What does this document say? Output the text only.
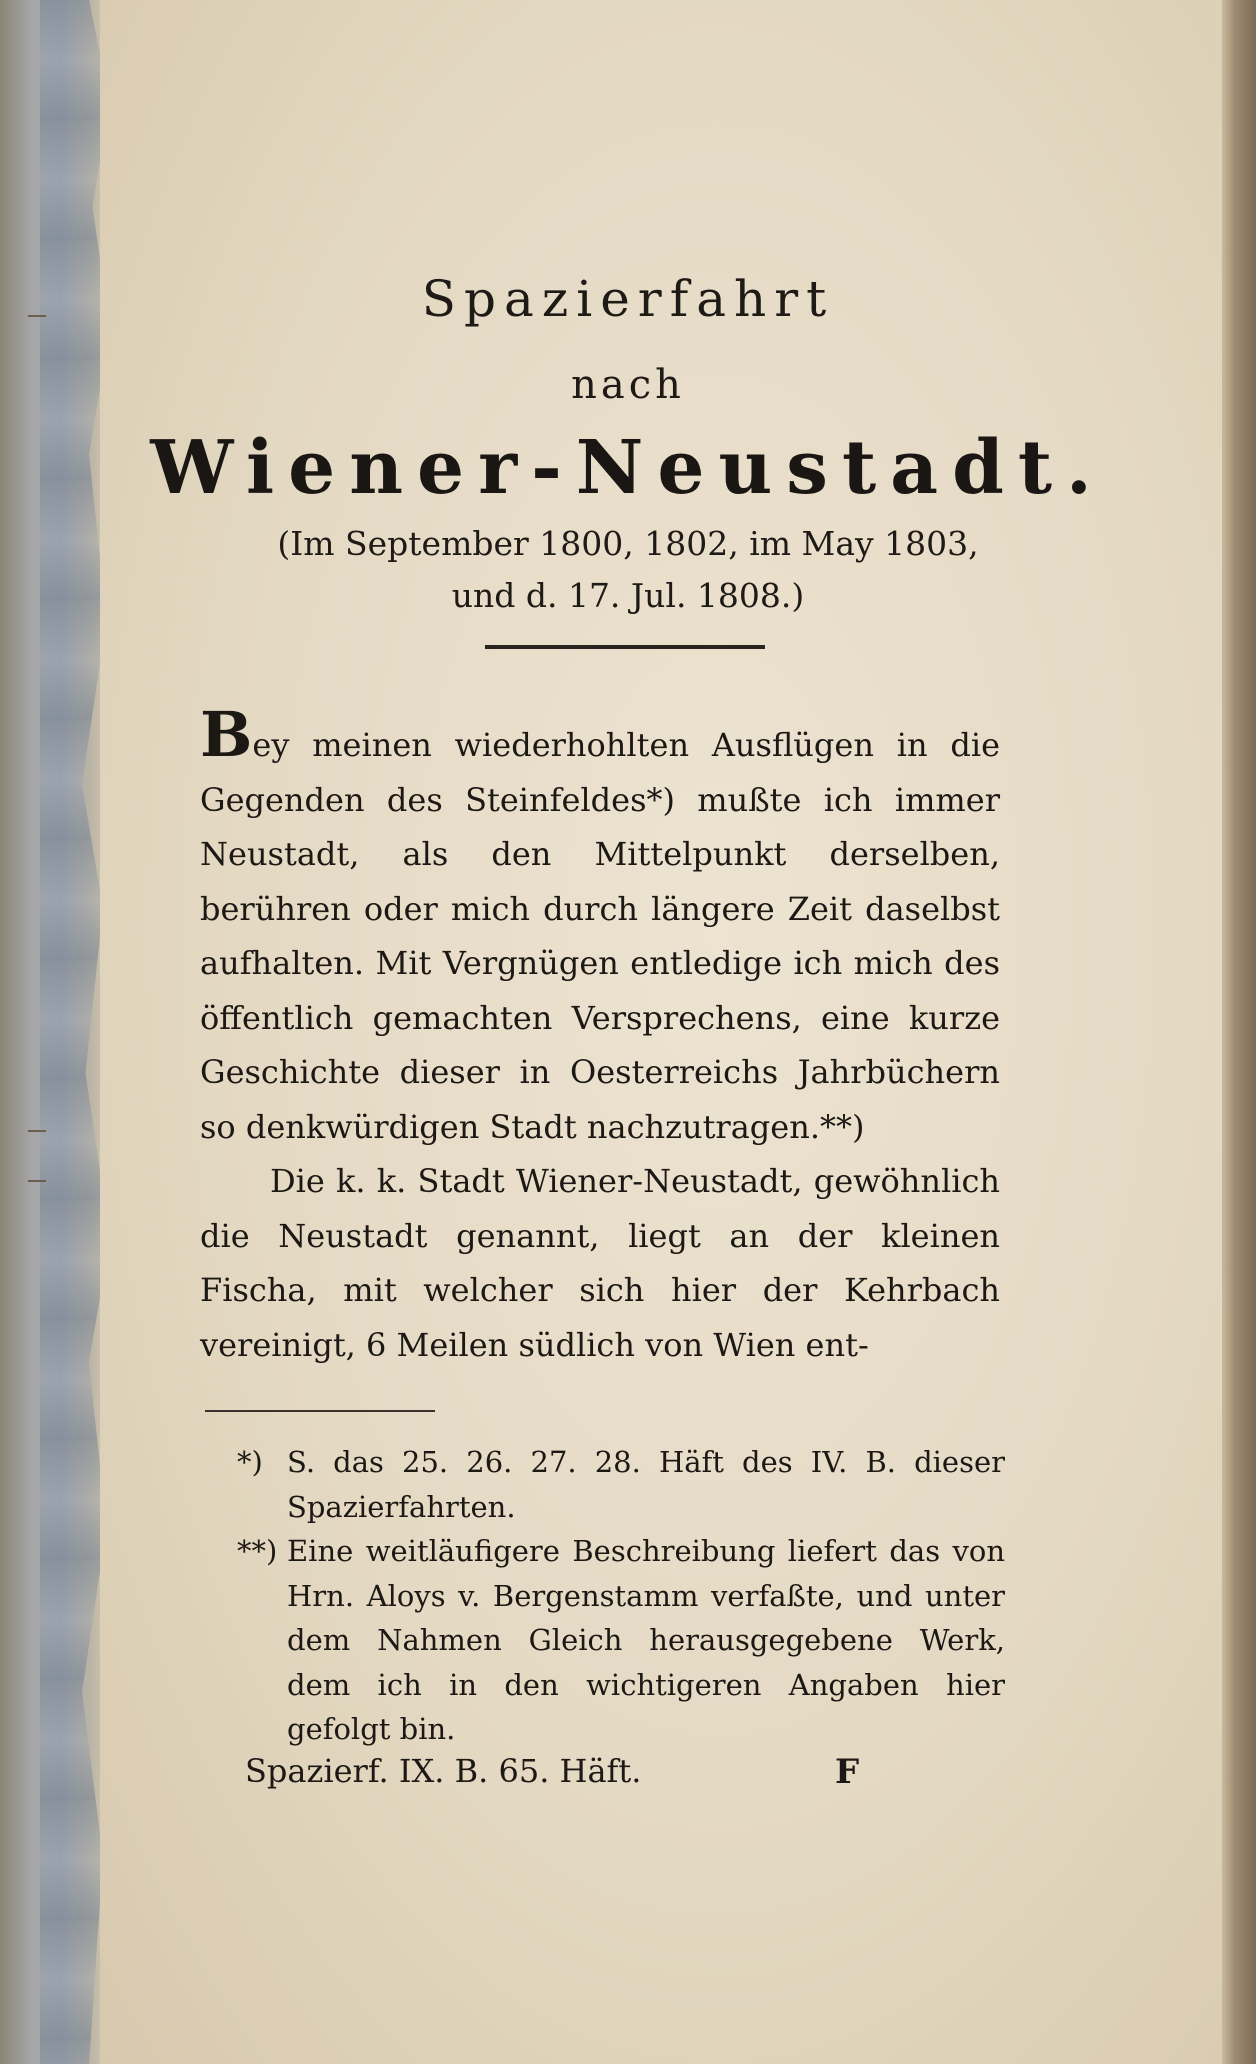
Spazierfahrt
nach
Wiener-Neustadt.
(Im September 1800, 1802, im May 1803,
und d. 17. Jul. 1808.)

Bey meinen wiederhohlten Ausflügen in die Gegenden des Steinfeldes*) mußte ich immer Neustadt, als den Mittelpunkt derselben, berühren oder mich durch längere Zeit daselbst aufhalten. Mit Vergnügen entledige ich mich des öffentlich gemachten Versprechens, eine kurze Geschichte dieser in Oesterreichs Jahrbüchern so denkwürdigen Stadt nachzutragen.**)

Die k. k. Stadt Wiener-Neustadt, gewöhnlich die Neustadt genannt, liegt an der kleinen Fischa, mit welcher sich hier der Kehrbach vereinigt, 6 Meilen südlich von Wien ent-

*) S. das 25. 26. 27. 28. Häft des IV. B. dieser Spazierfahrten.
**) Eine weitläufigere Beschreibung liefert das von Hrn. Aloys v. Bergenstamm verfaßte, und unter dem Nahmen Gleich herausgegebene Werk, dem ich in den wichtigeren Angaben hier gefolgt bin.
Spazierf. IX. B. 65. Häft.	F
